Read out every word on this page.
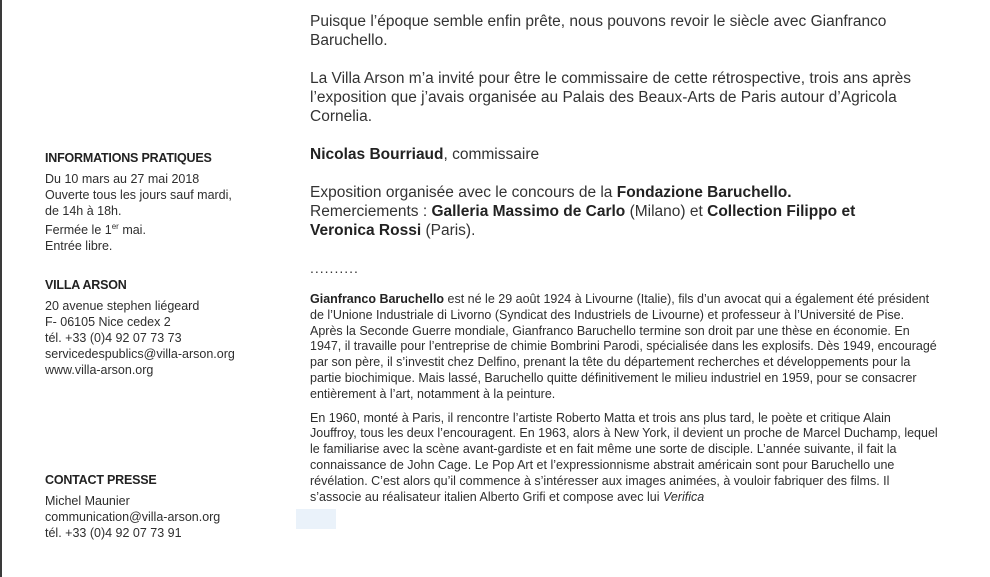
INFORMATIONS PRATIQUES
Du 10 mars au 27 mai 2018
Ouverte tous les jours sauf mardi,
de 14h à 18h.
Fermée le 1er mai.
Entrée libre.
VILLA ARSON
20 avenue stephen liégeard
F- 06105 Nice cedex 2
tél. +33 (0)4 92 07 73 73
servicedespublics@villa-arson.org
www.villa-arson.org
CONTACT PRESSE
Michel Maunier
communication@villa-arson.org
tél. +33 (0)4 92 07 73 91

Puisque l’époque semble enfin prête, nous pouvons revoir le siècle avec Gianfranco Baruchello.

La Villa Arson m’a invité pour être le commissaire de cette rétrospective, trois ans après l’exposition que j’avais organisée au Palais des Beaux-Arts de Paris autour d’Agricola Cornelia.

Nicolas Bourriaud, commissaire

Exposition organisée avec le concours de la Fondazione Baruchello.

Remerciements : Galleria Massimo de Carlo (Milano) et Collection Filippo et Veronica Rossi (Paris).

..........

Gianfranco Baruchello est né le 29 août 1924 à Livourne (Italie), fils d’un avocat qui a également été président de l’Unione Industriale di Livorno (Syndicat des Industriels de Livourne) et professeur à l’Université de Pise.

Après la Seconde Guerre mondiale, Gianfranco Baruchello termine son droit par une thèse en économie. En 1947, il travaille pour l’entreprise de chimie Bombrini Parodi, spécialisée dans les explosifs. Dès 1949, encouragé par son père, il s’investit chez Delfino, prenant la tête du département recherches et développements pour la partie biochimique. Mais lassé, Baruchello quitte définitivement le milieu industriel en 1959, pour se consacrer entièrement à l’art, notamment à la peinture.

En 1960, monté à Paris, il rencontre l’artiste Roberto Matta et trois ans plus tard, le poète et critique Alain Jouffroy, tous les deux l’encouragent. En 1963, alors à New York, il devient un proche de Marcel Duchamp, lequel le familiarise avec la scène avant-gardiste et en fait même une sorte de disciple. L’année suivante, il fait la connaissance de John Cage. Le Pop Art et l’expressionnisme abstrait américain sont pour Baruchello une révélation. C’est alors qu’il commence à s’intéresser aux images animées, à vouloir fabriquer des films. Il s’associe au réalisateur italien Alberto Grifi et compose avec lui Verifica
